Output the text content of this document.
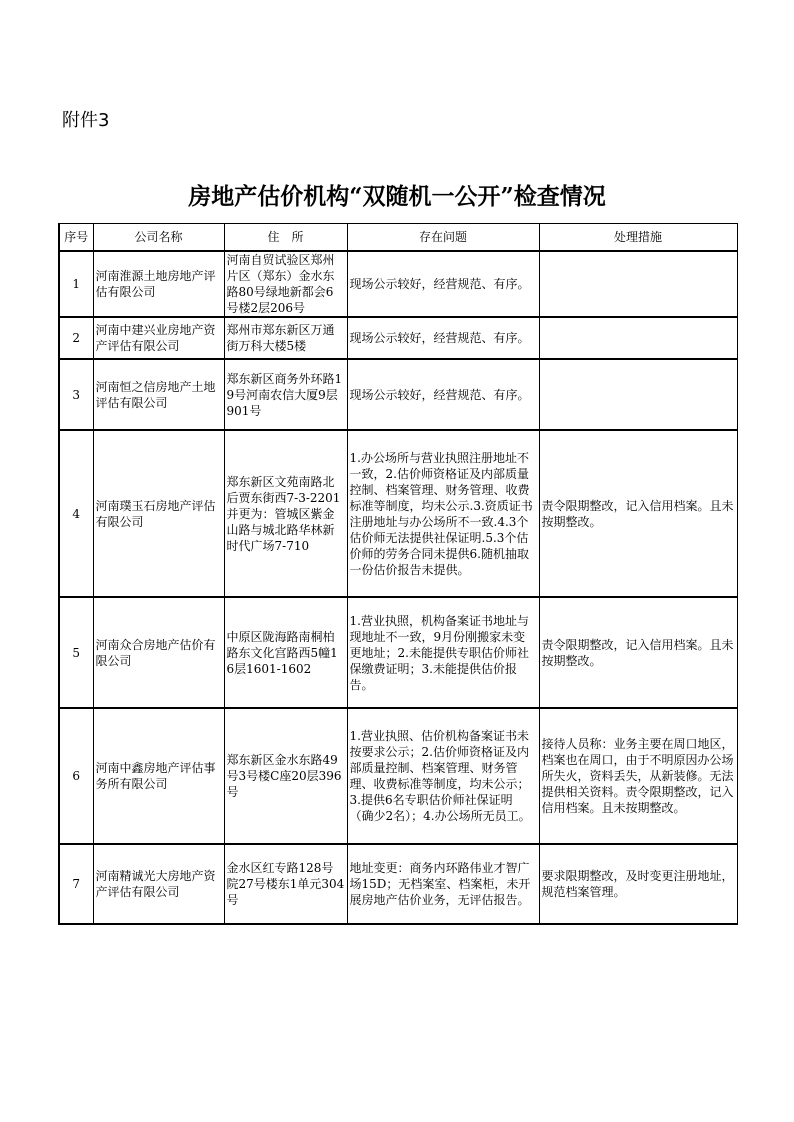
附件3
房地产估价机构“双随机一公开”检查情况
序号	公司名称	住　所	存在问题	处理措施
1	河南淮源土地房地产评估有限公司	河南自贸试验区郑州片区（郑东）金水东路80号绿地新都会6号楼2层206号	现场公示较好，经营规范、有序。	
2	河南中建兴业房地产资产评估有限公司	郑州市郑东新区万通街万科大楼5楼	现场公示较好，经营规范、有序。	
3	河南恒之信房地产土地评估有限公司	郑东新区商务外环路19号河南农信大厦9层901号	现场公示较好，经营规范、有序。	
4	河南璞玉石房地产评估有限公司	郑东新区文苑南路北后贾东街西7-3-2201并更为：管城区紫金山路与城北路华林新时代广场7-710	1.办公场所与营业执照注册地址不一致，2.估价师资格证及内部质量控制、档案管理、财务管理、收费标准等制度，均未公示.3.资质证书注册地址与办公场所不一致.4.3个估价师无法提供社保证明.5.3个估价师的劳务合同未提供6.随机抽取一份估价报告未提供。	责令限期整改，记入信用档案。且未按期整改。
5	河南众合房地产估价有限公司	中原区陇海路南桐柏路东文化宫路西5幢16层1601-1602	1.营业执照，机构备案证书地址与现地址不一致，9月份刚搬家未变更地址；2.未能提供专职估价师社保缴费证明；3.未能提供估价报告。	责令限期整改，记入信用档案。且未按期整改。
6	河南中鑫房地产评估事务所有限公司	郑东新区金水东路49号3号楼C座20层396号	1.营业执照、估价机构备案证书未按要求公示；2.估价师资格证及内部质量控制、档案管理、财务管理、收费标准等制度，均未公示；3.提供6名专职估价师社保证明（确少2名）；4.办公场所无员工。	接待人员称：业务主要在周口地区，档案也在周口，由于不明原因办公场所失火，资料丢失，从新装修。无法提供相关资料。责令限期整改，记入信用档案。且未按期整改。
7	河南精诚光大房地产资产评估有限公司	金水区红专路128号院27号楼东1单元304号	地址变更：商务内环路伟业才智广场15D；无档案室、档案柜，未开展房地产估价业务，无评估报告。	要求限期整改，及时变更注册地址，规范档案管理。
